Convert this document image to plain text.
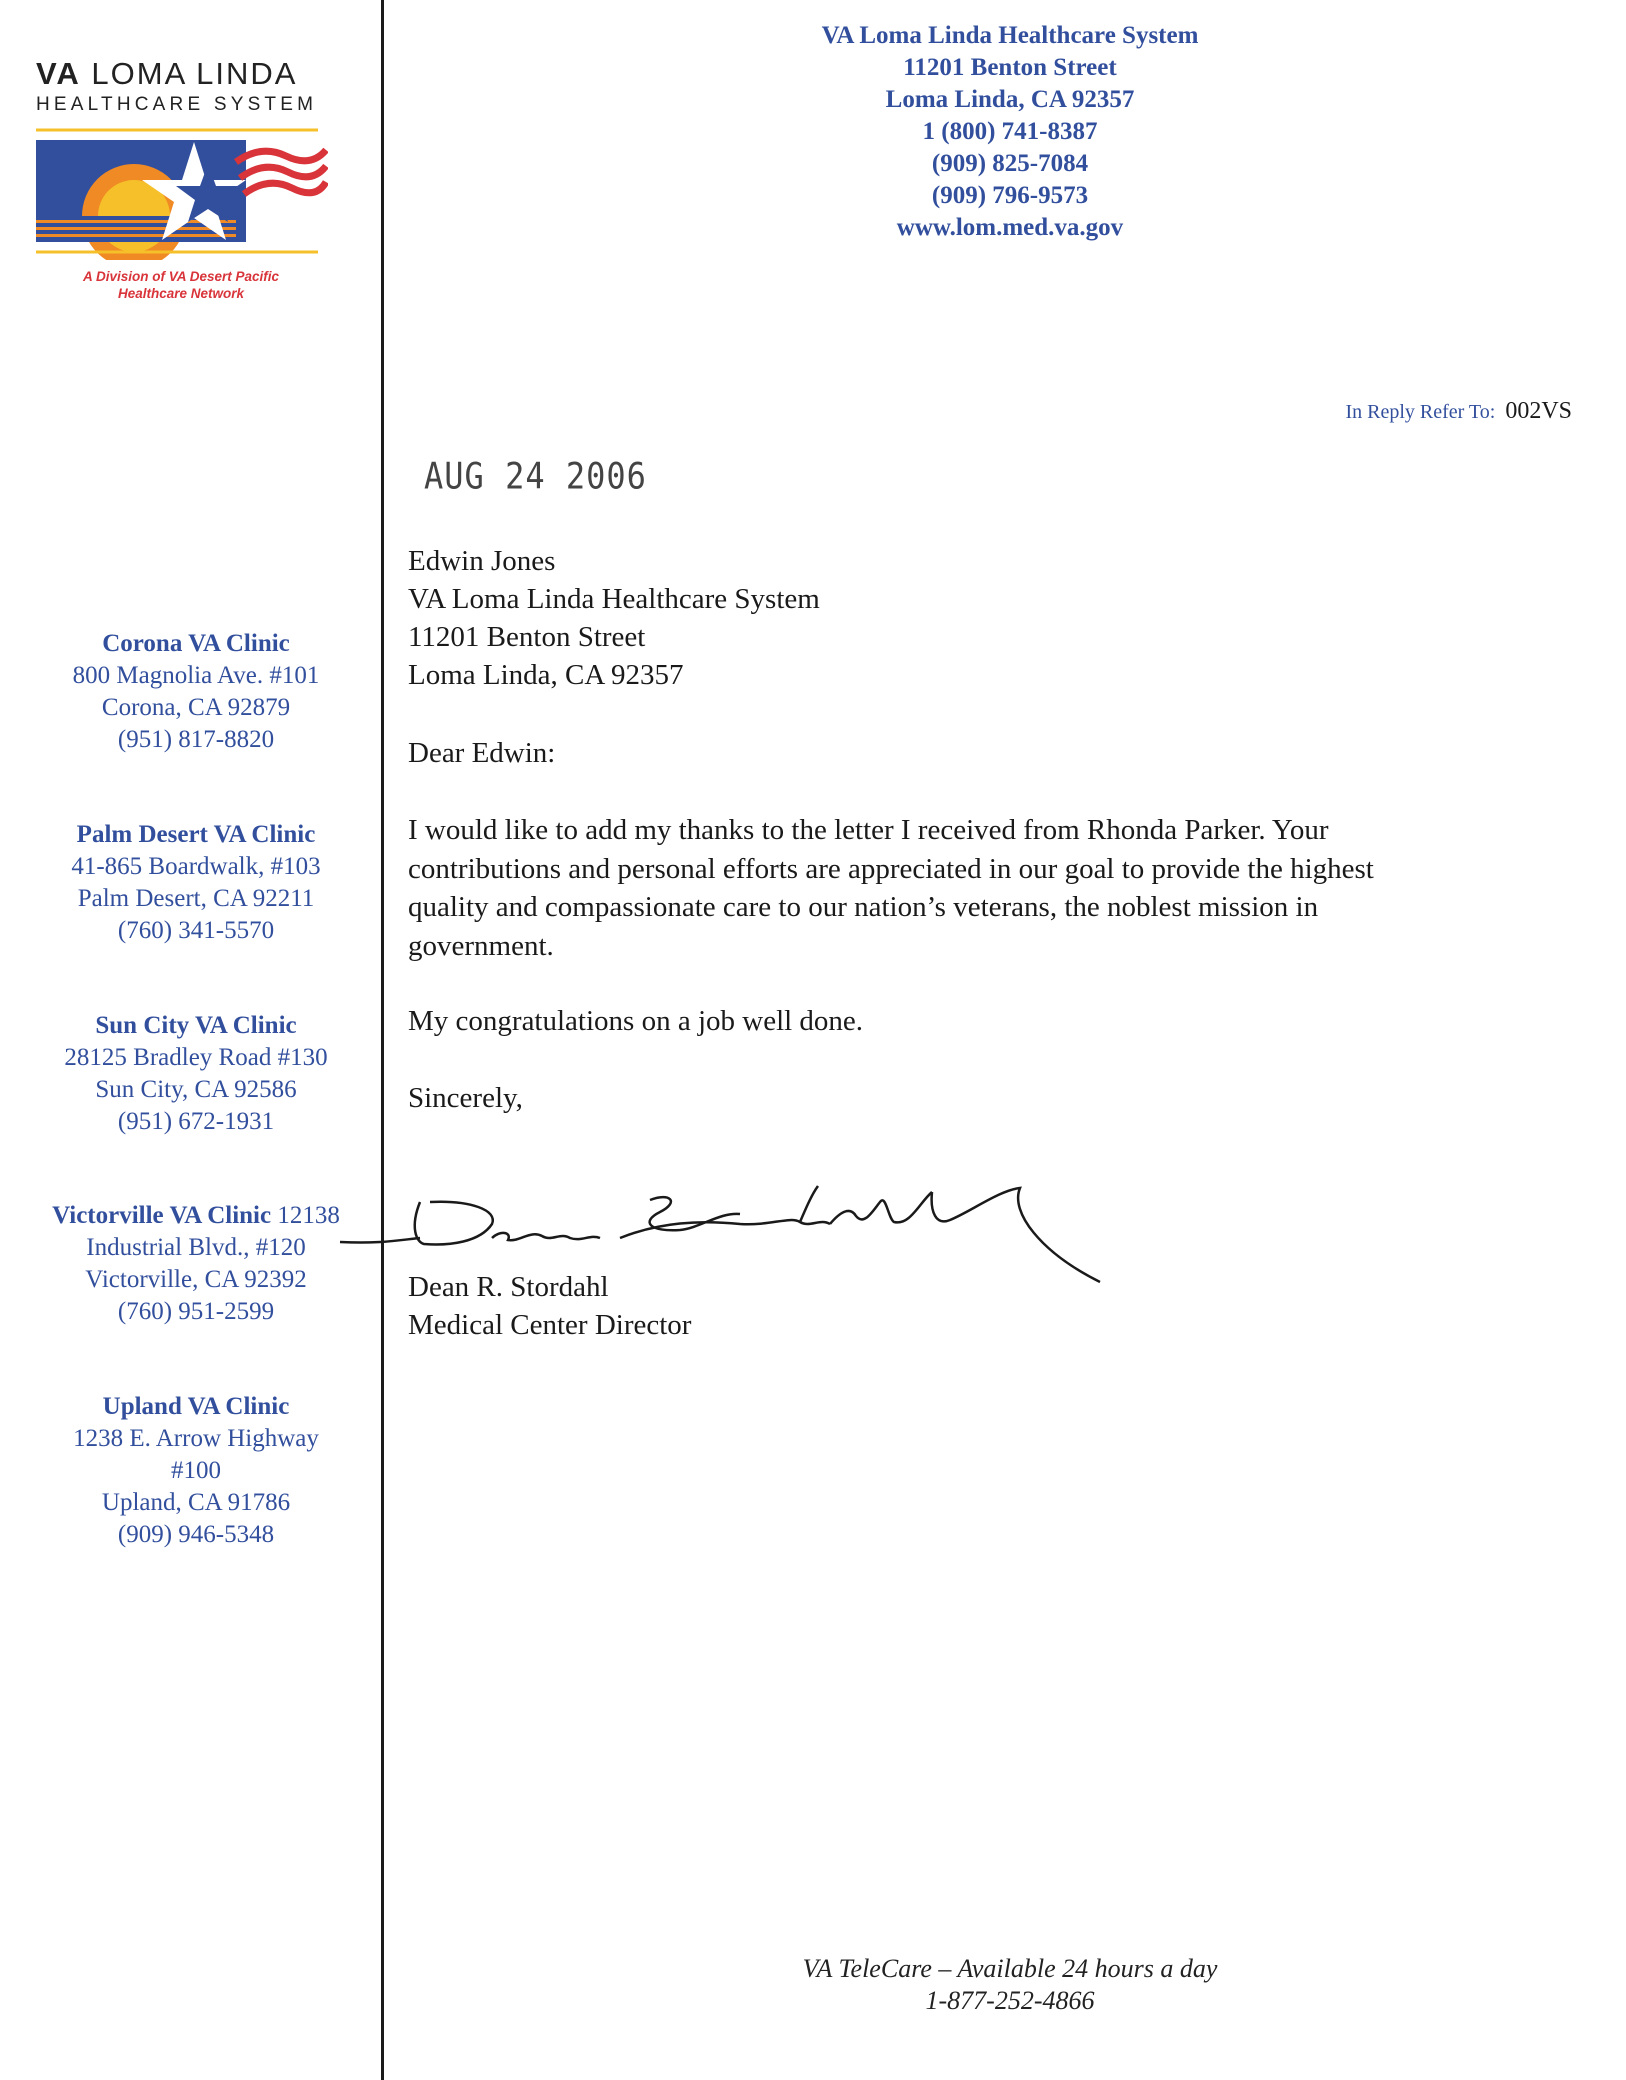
VA LOMA LINDA
HEALTHCARE SYSTEM
A Division of VA Desert Pacific
Healthcare Network
VA Loma Linda Healthcare System
11201 Benton Street
Loma Linda, CA 92357
1 (800) 741-8387
(909) 825-7084
(909) 796-9573
www.lom.med.va.gov
In Reply Refer To: 002VS
AUG 24 2006
Corona VA Clinic
800 Magnolia Ave. #101
Corona, CA 92879
(951) 817-8820
Palm Desert VA Clinic
41-865 Boardwalk, #103
Palm Desert, CA 92211
(760) 341-5570
Sun City VA Clinic
28125 Bradley Road #130
Sun City, CA 92586
(951) 672-1931
Victorville VA Clinic 12138
Industrial Blvd., #120
Victorville, CA 92392
(760) 951-2599
Upland VA Clinic
1238 E. Arrow Highway
#100
Upland, CA 91786
(909) 946-5348
Edwin Jones
VA Loma Linda Healthcare System
11201 Benton Street
Loma Linda, CA 92357
Dear Edwin:
I would like to add my thanks to the letter I received from Rhonda Parker. Your
contributions and personal efforts are appreciated in our goal to provide the highest
quality and compassionate care to our nation’s veterans, the noblest mission in
government.
My congratulations on a job well done.
Sincerely,
Dean R. Stordahl
Medical Center Director
VA TeleCare – Available 24 hours a day
1-877-252-4866
